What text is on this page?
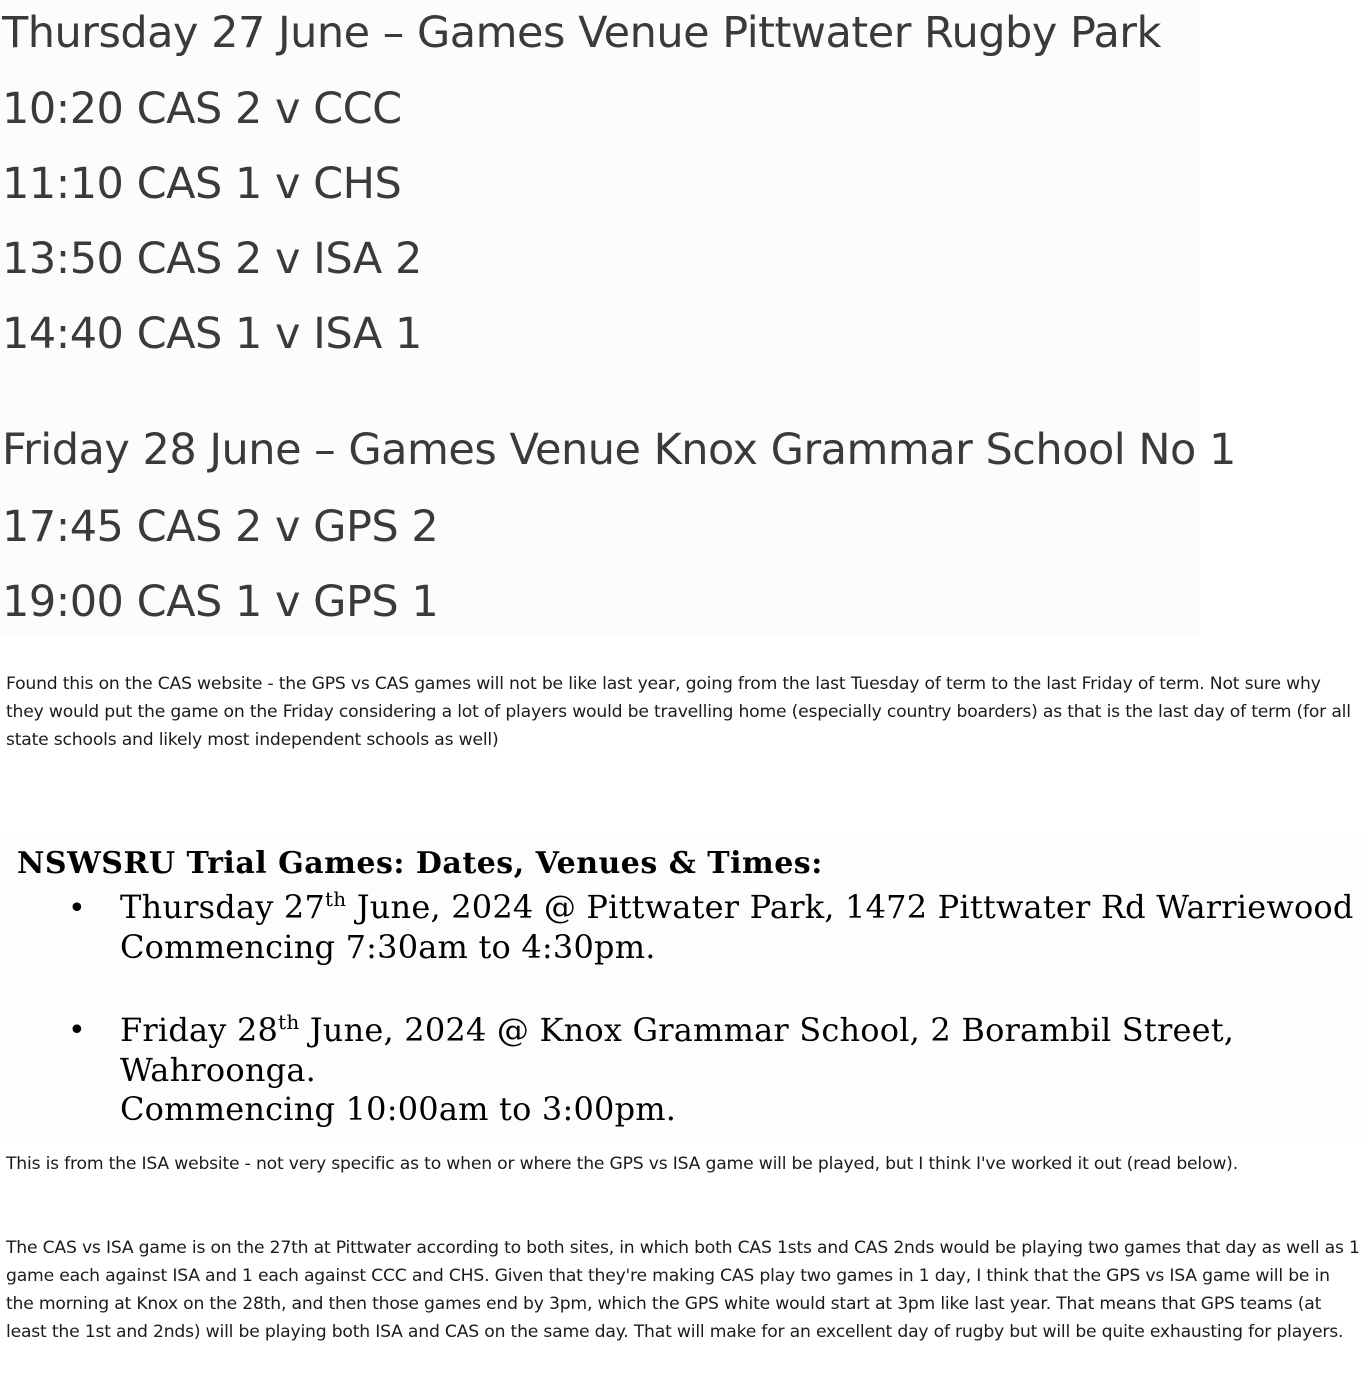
Thursday 27 June – Games Venue Pittwater Rugby Park
10:20 CAS 2 v CCC
11:10 CAS 1 v CHS
13:50 CAS 2 v ISA 2
14:40 CAS 1 v ISA 1
Friday 28 June – Games Venue Knox Grammar School No 1
17:45 CAS 2 v GPS 2
19:00 CAS 1 v GPS 1
Found this on the CAS website - the GPS vs CAS games will not be like last year, going from the last Tuesday of term to the last Friday of term. Not sure why they would put the game on the Friday considering a lot of players would be travelling home (especially country boarders) as that is the last day of term (for all state schools and likely most independent schools as well)
NSWSRU Trial Games: Dates, Venues & Times:
• Thursday 27th June, 2024 @ Pittwater Park, 1472 Pittwater Rd Warriewood
Commencing 7:30am to 4:30pm.
• Friday 28th June, 2024 @ Knox Grammar School, 2 Borambil Street,
Wahroonga.
Commencing 10:00am to 3:00pm.
This is from the ISA website - not very specific as to when or where the GPS vs ISA game will be played, but I think I've worked it out (read below).
The CAS vs ISA game is on the 27th at Pittwater according to both sites, in which both CAS 1sts and CAS 2nds would be playing two games that day as well as 1 game each against ISA and 1 each against CCC and CHS. Given that they're making CAS play two games in 1 day, I think that the GPS vs ISA game will be in the morning at Knox on the 28th, and then those games end by 3pm, which the GPS white would start at 3pm like last year. That means that GPS teams (at least the 1st and 2nds) will be playing both ISA and CAS on the same day. That will make for an excellent day of rugby but will be quite exhausting for players.
